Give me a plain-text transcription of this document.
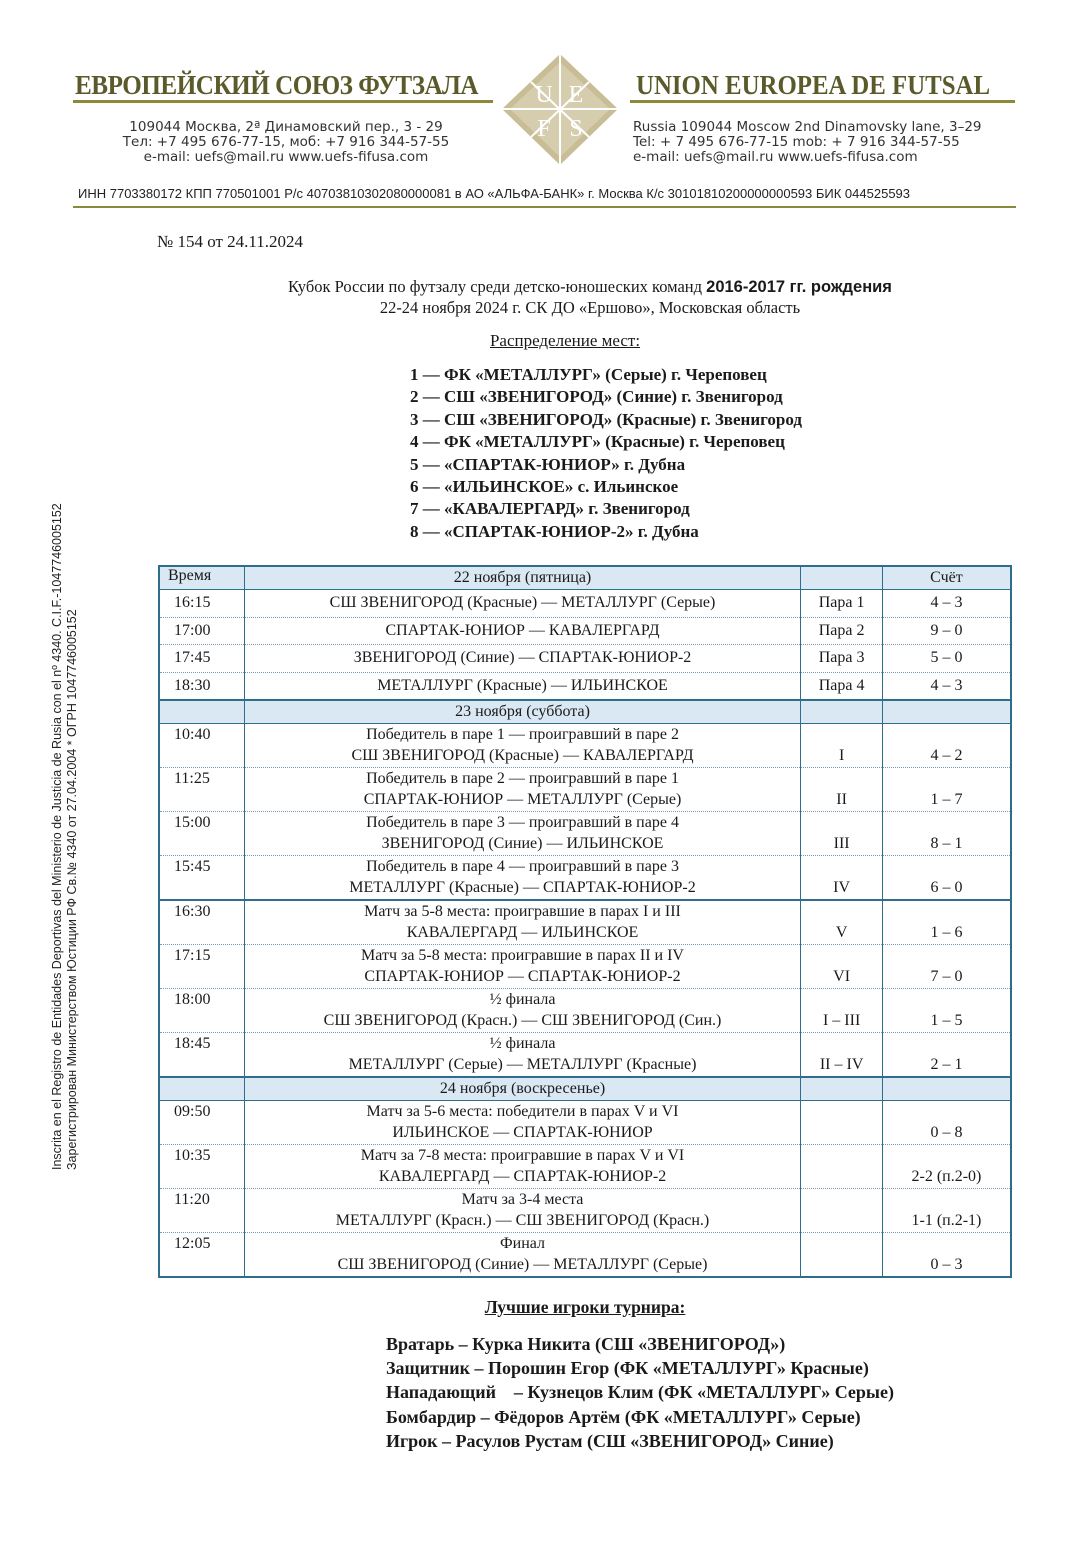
ЕВРОПЕЙСКИЙ СОЮЗ ФУТЗАЛА	UNION EUROPEA DE FUTSAL
U E
F S
109044 Москва, 2ª Динамовский пер., 3 - 29
Тел: +7 495 676-77-15, моб: +7 916 344-57-55
e-mail: uefs@mail.ru www.uefs-fifusa.com
Russia 109044 Moscow 2nd Dinamovsky lane, 3–29
Tel: + 7 495 676-77-15 mob: + 7 916 344-57-55
e-mail: uefs@mail.ru www.uefs-fifusa.com
ИНН 7703380172 КПП 770501001 Р/с 40703810302080000081 в АО «АЛЬФА-БАНК» г. Москва К/с 30101810200000000593 БИК 044525593
Inscrita en el Registro de Entidades Deportivas del Ministerio de Justicia de Rusia con el nº 4340. C.I.F.-1047746005152 Зарегистрирован Министерством Юстиции РФ Св.№ 4340 от 27.04.2004 * ОГРН 1047746005152
№ 154 от 24.11.2024
Кубок России по футзалу среди детско-юношеских команд 2016-2017 гг. рождения
22-24 ноября 2024 г. СК ДО «Ершово», Московская область
Распределение мест:
1 — ФК «МЕТАЛЛУРГ» (Серые) г. Череповец
2 — СШ «ЗВЕНИГОРОД» (Синие) г. Звенигород
3 — СШ «ЗВЕНИГОРОД» (Красные) г. Звенигород
4 — ФК «МЕТАЛЛУРГ» (Красные) г. Череповец
5 — «СПАРТАК-ЮНИОР» г. Дубна
6 — «ИЛЬИНСКОЕ» с. Ильинское
7 — «КАВАЛЕРГАРД» г. Звенигород
8 — «СПАРТАК-ЮНИОР-2» г. Дубна
Время	22 ноября (пятница)		Счёт
16:15	СШ ЗВЕНИГОРОД (Красные) — МЕТАЛЛУРГ (Серые)	Пара 1	4 – 3
17:00	СПАРТАК-ЮНИОР — КАВАЛЕРГАРД	Пара 2	9 – 0
17:45	ЗВЕНИГОРОД (Синие) — СПАРТАК-ЮНИОР-2	Пара 3	5 – 0
18:30	МЕТАЛЛУРГ (Красные) — ИЛЬИНСКОЕ	Пара 4	4 – 3
	23 ноября (суббота)		
10:40	Победитель в паре 1 — проигравший в паре 2
СШ ЗВЕНИГОРОД (Красные) — КАВАЛЕРГАРД	I	4 – 2
11:25	Победитель в паре 2 — проигравший в паре 1
СПАРТАК-ЮНИОР — МЕТАЛЛУРГ (Серые)	II	1 – 7
15:00	Победитель в паре 3 — проигравший в паре 4
ЗВЕНИГОРОД (Синие) — ИЛЬИНСКОЕ	III	8 – 1
15:45	Победитель в паре 4 — проигравший в паре 3
МЕТАЛЛУРГ (Красные) — СПАРТАК-ЮНИОР-2	IV	6 – 0
16:30	Матч за 5-8 места: проигравшие в парах I и III
КАВАЛЕРГАРД — ИЛЬИНСКОЕ	V	1 – 6
17:15	Матч за 5-8 места: проигравшие в парах II и IV
СПАРТАК-ЮНИОР — СПАРТАК-ЮНИОР-2	VI	7 – 0
18:00	½ финала
СШ ЗВЕНИГОРОД (Красн.) — СШ ЗВЕНИГОРОД (Син.)	I – III	1 – 5
18:45	½ финала
МЕТАЛЛУРГ (Серые) — МЕТАЛЛУРГ (Красные)	II – IV	2 – 1
	24 ноября (воскресенье)		
09:50	Матч за 5-6 места: победители в парах V и VI
ИЛЬИНСКОЕ — СПАРТАК-ЮНИОР		0 – 8
10:35	Матч за 7-8 места: проигравшие в парах V и VI
КАВАЛЕРГАРД — СПАРТАК-ЮНИОР-2		2-2 (п.2-0)
11:20	Матч за 3-4 места
МЕТАЛЛУРГ (Красн.) — СШ ЗВЕНИГОРОД (Красн.)		1-1 (п.2-1)
12:05	Финал
СШ ЗВЕНИГОРОД (Синие) — МЕТАЛЛУРГ (Серые)		0 – 3
Лучшие игроки турнира:
Вратарь – Курка Никита (СШ «ЗВЕНИГОРОД»)
Защитник – Порошин Егор (ФК «МЕТАЛЛУРГ» Красные)
Нападающий    – Кузнецов Клим (ФК «МЕТАЛЛУРГ» Серые)
Бомбардир – Фёдоров Артём (ФК «МЕТАЛЛУРГ» Серые)
Игрок – Расулов Рустам (СШ «ЗВЕНИГОРОД» Синие)
